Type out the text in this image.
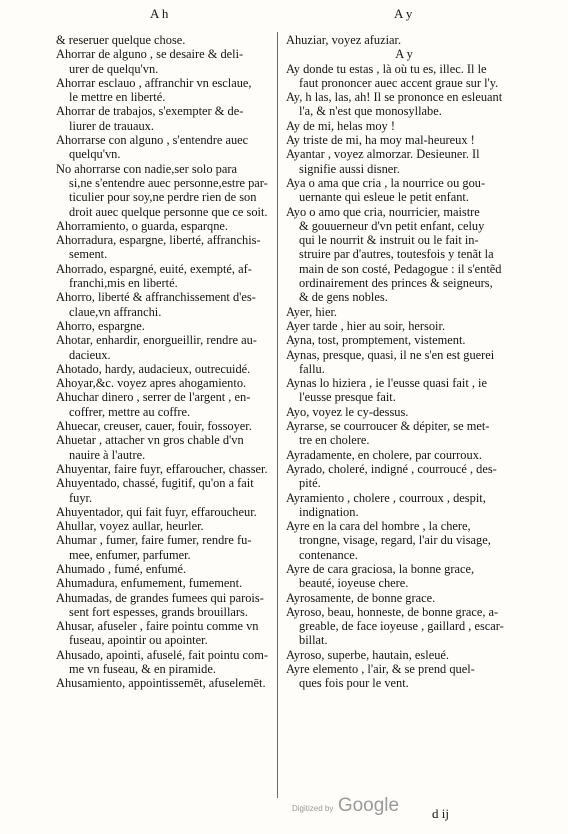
A h	A y
& reseruer quelque chose.
Ahorrar de alguno , se desaire & deli-
urer de quelqu'vn.
Ahorrar esclauo , affranchir vn esclaue,
le mettre en liberté.
Ahorrar de trabajos, s'exempter & de-
liurer de trauaux.
Ahorrarse con alguno , s'entendre auec
quelqu'vn.
No ahorrarse con nadie,ser solo para
si,ne s'entendre auec personne,estre par-
ticulier pour soy,ne perdre rien de son
droit auec quelque personne que ce soit.
Ahorramiento, o guarda, esparqne.
Ahorradura, espargne, liberté, affranchis-
sement.
Ahorrado, espargné, euité, exempté, af-
franchi,mis en liberté.
Ahorro, liberté & affranchissement d'es-
claue,vn affranchi.
Ahorro, espargne.
Ahotar, enhardir, enorgueillir, rendre au-
dacieux.
Ahotado, hardy, audacieux, outrecuidé.
Ahoyar,&c. voyez apres ahogamiento.
Ahuchar dinero , serrer de l'argent , en-
coffrer, mettre au coffre.
Ahuecar, creuser, cauer, fouir, fossoyer.
Ahuetar , attacher vn gros chable d'vn
nauire à l'autre.
Ahuyentar, faire fuyr, effaroucher, chasser.
Ahuyentado, chassé, fugitif, qu'on a fait
fuyr.
Ahuyentador, qui fait fuyr, effaroucheur.
Ahullar, voyez aullar, heurler.
Ahumar , fumer, faire fumer, rendre fu-
mee, enfumer, parfumer.
Ahumado , fumé, enfumé.
Ahumadura, enfumement, fumement.
Ahumadas, de grandes fumees qui parois-
sent fort espesses, grands brouillars.
Ahusar, afuseler , faire pointu comme vn
fuseau, apointir ou apointer.
Ahusado, apointi, afuselé, fait pointu com-
me vn fuseau, & en piramide.
Ahusamiento, appointissemēt, afuselemēt.
Ahuziar, voyez afuziar.
A y
Ay donde tu estas , là où tu es, illec. Il le
faut prononcer auec accent graue sur l'y.
Ay, h las, las, ah! Il se prononce en esleuant
l'a, & n'est que monosyllabe.
Ay de mi, helas moy !
Ay triste de mi, ha moy mal-heureux !
Ayantar , voyez almorzar. Desieuner. Il
signifie aussi disner.
Aya o ama que cria , la nourrice ou gou-
uernante qui esleue le petit enfant.
Ayo o amo que cria, nourricier, maistre
& gouuerneur d'vn petit enfant, celuy
qui le nourrit & instruit ou le fait in-
struire par d'autres, toutesfois y tenãt la
main de son costé, Pedagogue : il s'entẽd
ordinairement des princes & seigneurs,
& de gens nobles.
Ayer, hier.
Ayer tarde , hier au soir, hersoir.
Ayna, tost, promptement, vistement.
Aynas, presque, quasi, il ne s'en est guerei
fallu.
Aynas lo hiziera , ie l'eusse quasi fait , ie
l'eusse presque fait.
Ayo, voyez le cy-dessus.
Ayrarse, se courroucer & dépiter, se met-
tre en cholere.
Ayradamente, en cholere, par courroux.
Ayrado, choleré, indigné , courroucé , des-
pité.
Ayramiento , cholere , courroux , despit,
indignation.
Ayre en la cara del hombre , la chere,
trongne, visage, regard, l'air du visage,
contenance.
Ayre de cara graciosa, la bonne grace,
beauté, ioyeuse chere.
Ayrosamente, de bonne grace.
Ayroso, beau, honneste, de bonne grace, a-
greable, de face ioyeuse , gaillard , escar-
billat.
Ayroso, superbe, hautain, esleué.
Ayre elemento , l'air, & se prend quel-
ques fois pour le vent.
d ij
Digitized by Google
